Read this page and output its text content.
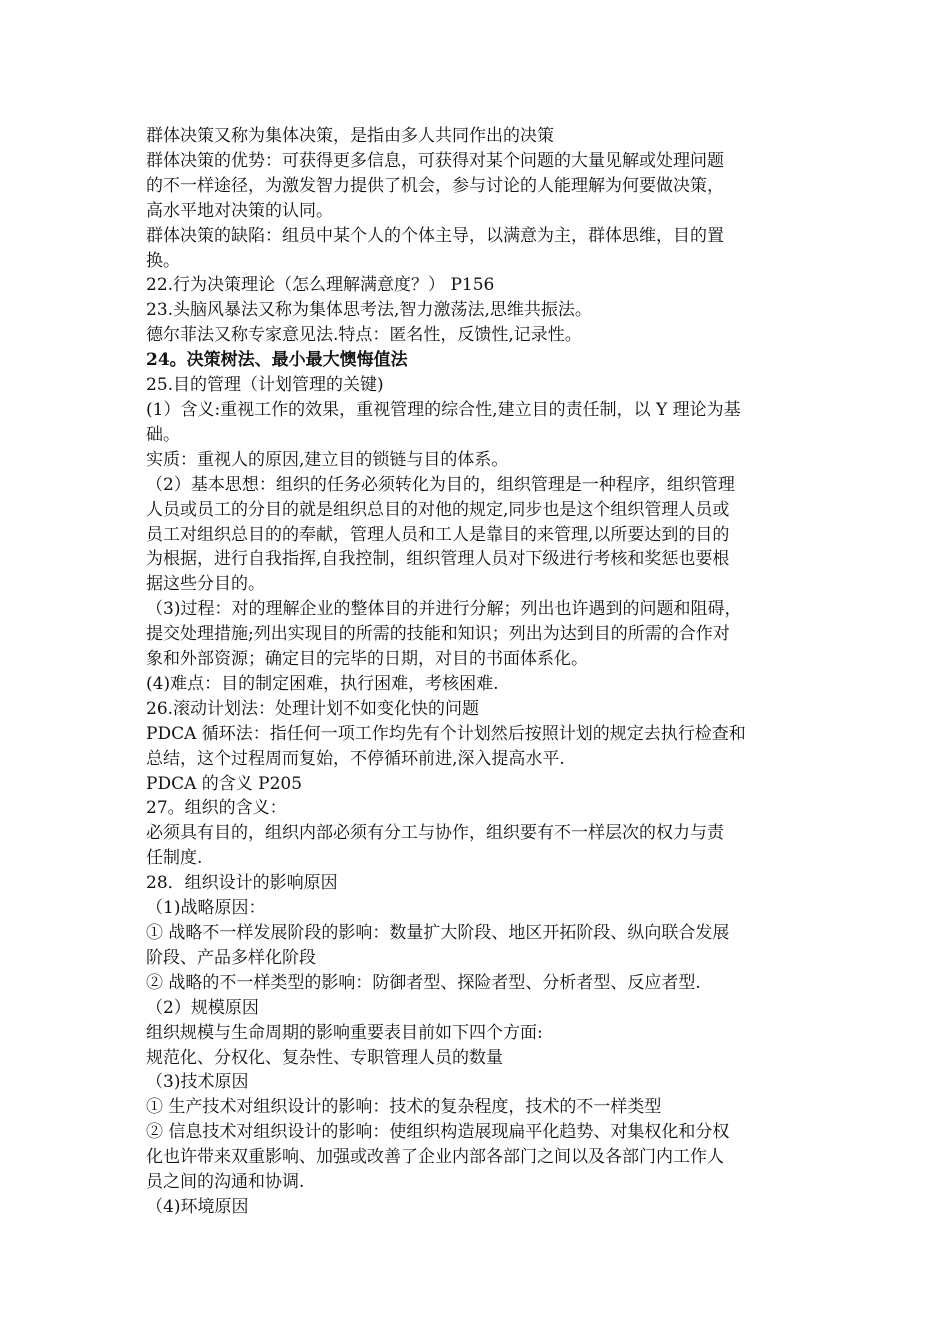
群体决策又称为集体决策，是指由多人共同作出的决策

群体决策的优势：可获得更多信息，可获得对某个问题的大量见解或处理问题

的不一样途径，为激发智力提供了机会，参与讨论的人能理解为何要做决策，

高水平地对决策的认同。

群体决策的缺陷：组员中某个人的个体主导，以满意为主，群体思维，目的置

换。

22.行为决策理论（怎么理解满意度？） P156

23.头脑风暴法又称为集体思考法,智力激荡法,思维共振法。

德尔菲法又称专家意见法.特点：匿名性，反馈性,记录性。

24。决策树法、最小最大懊悔值法

25.目的管理（计划管理的关键)

(1）含义:重视工作的效果，重视管理的综合性,建立目的责任制，以 Y 理论为基

础。

实质：重视人的原因,建立目的锁链与目的体系。

（2）基本思想：组织的任务必须转化为目的，组织管理是一种程序，组织管理

人员或员工的分目的就是组织总目的对他的规定,同步也是这个组织管理人员或

员工对组织总目的的奉献，管理人员和工人是靠目的来管理,以所要达到的目的

为根据，进行自我指挥,自我控制，组织管理人员对下级进行考核和奖惩也要根

据这些分目的。

（3)过程：对的理解企业的整体目的并进行分解；列出也许遇到的问题和阻碍，

提交处理措施;列出实现目的所需的技能和知识；列出为达到目的所需的合作对

象和外部资源；确定目的完毕的日期，对目的书面体系化。

(4)难点：目的制定困难，执行困难，考核困难.

26.滚动计划法：处理计划不如变化快的问题

PDCA 循环法：指任何一项工作均先有个计划然后按照计划的规定去执行检查和

总结，这个过程周而复始，不停循环前进,深入提高水平.

PDCA 的含义 P205

27。组织的含义：

必须具有目的，组织内部必须有分工与协作，组织要有不一样层次的权力与责

任制度.

28．组织设计的影响原因

（1)战略原因：

① 战略不一样发展阶段的影响：数量扩大阶段、地区开拓阶段、纵向联合发展

阶段、产品多样化阶段

② 战略的不一样类型的影响：防御者型、探险者型、分析者型、反应者型.

（2）规模原因

组织规模与生命周期的影响重要表目前如下四个方面:

规范化、分权化、复杂性、专职管理人员的数量

（3)技术原因

① 生产技术对组织设计的影响：技术的复杂程度，技术的不一样类型

② 信息技术对组织设计的影响：使组织构造展现扁平化趋势、对集权化和分权

化也许带来双重影响、加强或改善了企业内部各部门之间以及各部门内工作人

员之间的沟通和协调.

（4)环境原因
